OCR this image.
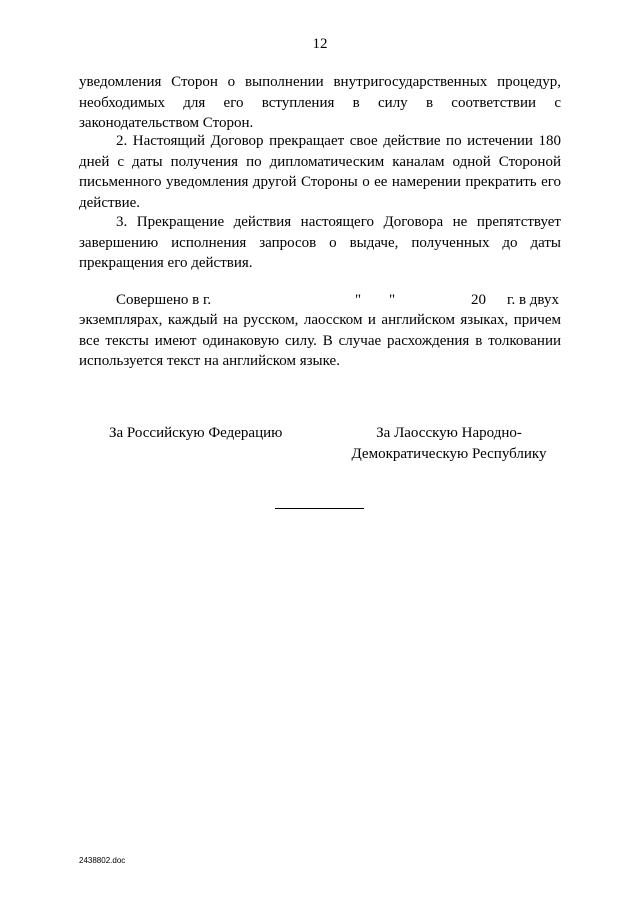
12

уведомления Сторон о выполнении внутригосударственных процедур, необходимых для его вступления в силу в соответствии с законодательством Сторон.

2. Настоящий Договор прекращает свое действие по истечении 180 дней с даты получения по дипломатическим каналам одной Стороной письменного уведомления другой Стороны о ее намерении прекратить его действие.

3. Прекращение действия настоящего Договора не препятствует завершению исполнения запросов о выдаче, полученных до даты прекращения его действия.

Совершено в г.	" "	20 г. в двух

экземплярах, каждый на русском, лаосском и английском языках, причем все тексты имеют одинаковую силу. В случае расхождения в толковании используется текст на английском языке.

За Российскую Федерацию	За Лаосскую Народно-
Демократическую Республику
2438802.doc
